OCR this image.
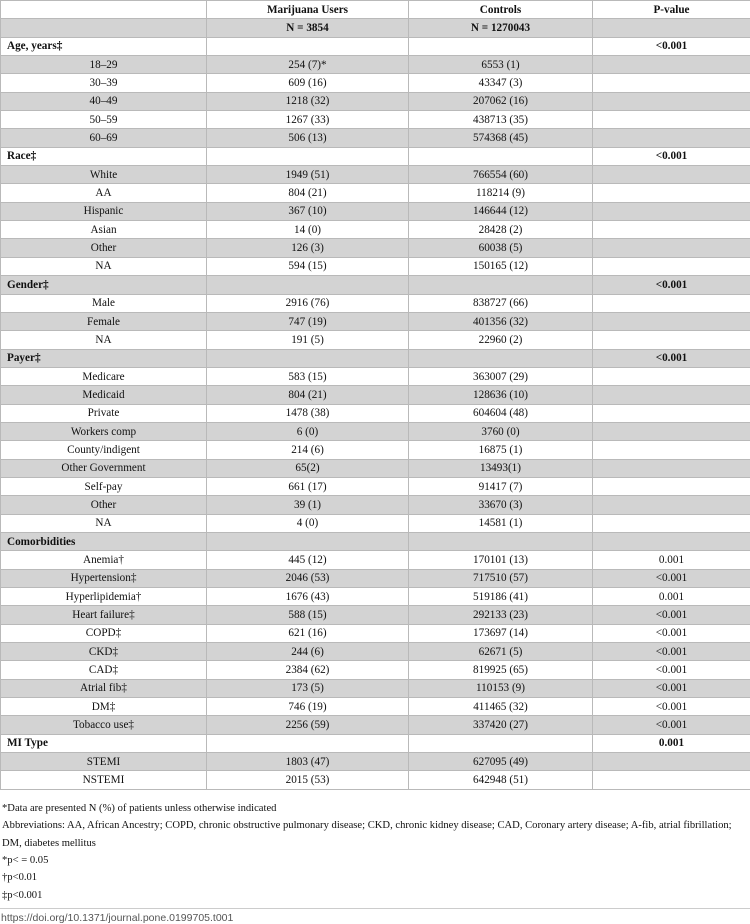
	Marijuana Users	Controls	P-value
	N = 3854	N = 1270043	
Age, years‡			<0.001
18–29	254 (7)*	6553 (1)	
30–39	609 (16)	43347 (3)	
40–49	1218 (32)	207062 (16)	
50–59	1267 (33)	438713 (35)	
60–69	506 (13)	574368 (45)	
Race‡			<0.001
White	1949 (51)	766554 (60)	
AA	804 (21)	118214 (9)	
Hispanic	367 (10)	146644 (12)	
Asian	14 (0)	28428 (2)	
Other	126 (3)	60038 (5)	
NA	594 (15)	150165 (12)	
Gender‡			<0.001
Male	2916 (76)	838727 (66)	
Female	747 (19)	401356 (32)	
NA	191 (5)	22960 (2)	
Payer‡			<0.001
Medicare	583 (15)	363007 (29)	
Medicaid	804 (21)	128636 (10)	
Private	1478 (38)	604604 (48)	
Workers comp	6 (0)	3760 (0)	
County/indigent	214 (6)	16875 (1)	
Other Government	65(2)	13493(1)	
Self-pay	661 (17)	91417 (7)	
Other	39 (1)	33670 (3)	
NA	4 (0)	14581 (1)	
Comorbidities			
Anemia†	445 (12)	170101 (13)	0.001
Hypertension‡	2046 (53)	717510 (57)	<0.001
Hyperlipidemia†	1676 (43)	519186 (41)	0.001
Heart failure‡	588 (15)	292133 (23)	<0.001
COPD‡	621 (16)	173697 (14)	<0.001
CKD‡	244 (6)	62671 (5)	<0.001
CAD‡	2384 (62)	819925 (65)	<0.001
Atrial fib‡	173 (5)	110153 (9)	<0.001
DM‡	746 (19)	411465 (32)	<0.001
Tobacco use‡	2256 (59)	337420 (27)	<0.001
MI Type			0.001
STEMI	1803 (47)	627095 (49)	
NSTEMI	2015 (53)	642948 (51)	
*Data are presented N (%) of patients unless otherwise indicated
Abbreviations: AA, African Ancestry; COPD, chronic obstructive pulmonary disease; CKD, chronic kidney disease; CAD, Coronary artery disease; A-fib, atrial fibrillation; DM, diabetes mellitus
*p< = 0.05
†p<0.01
‡p<0.001
https://doi.org/10.1371/journal.pone.0199705.t001
